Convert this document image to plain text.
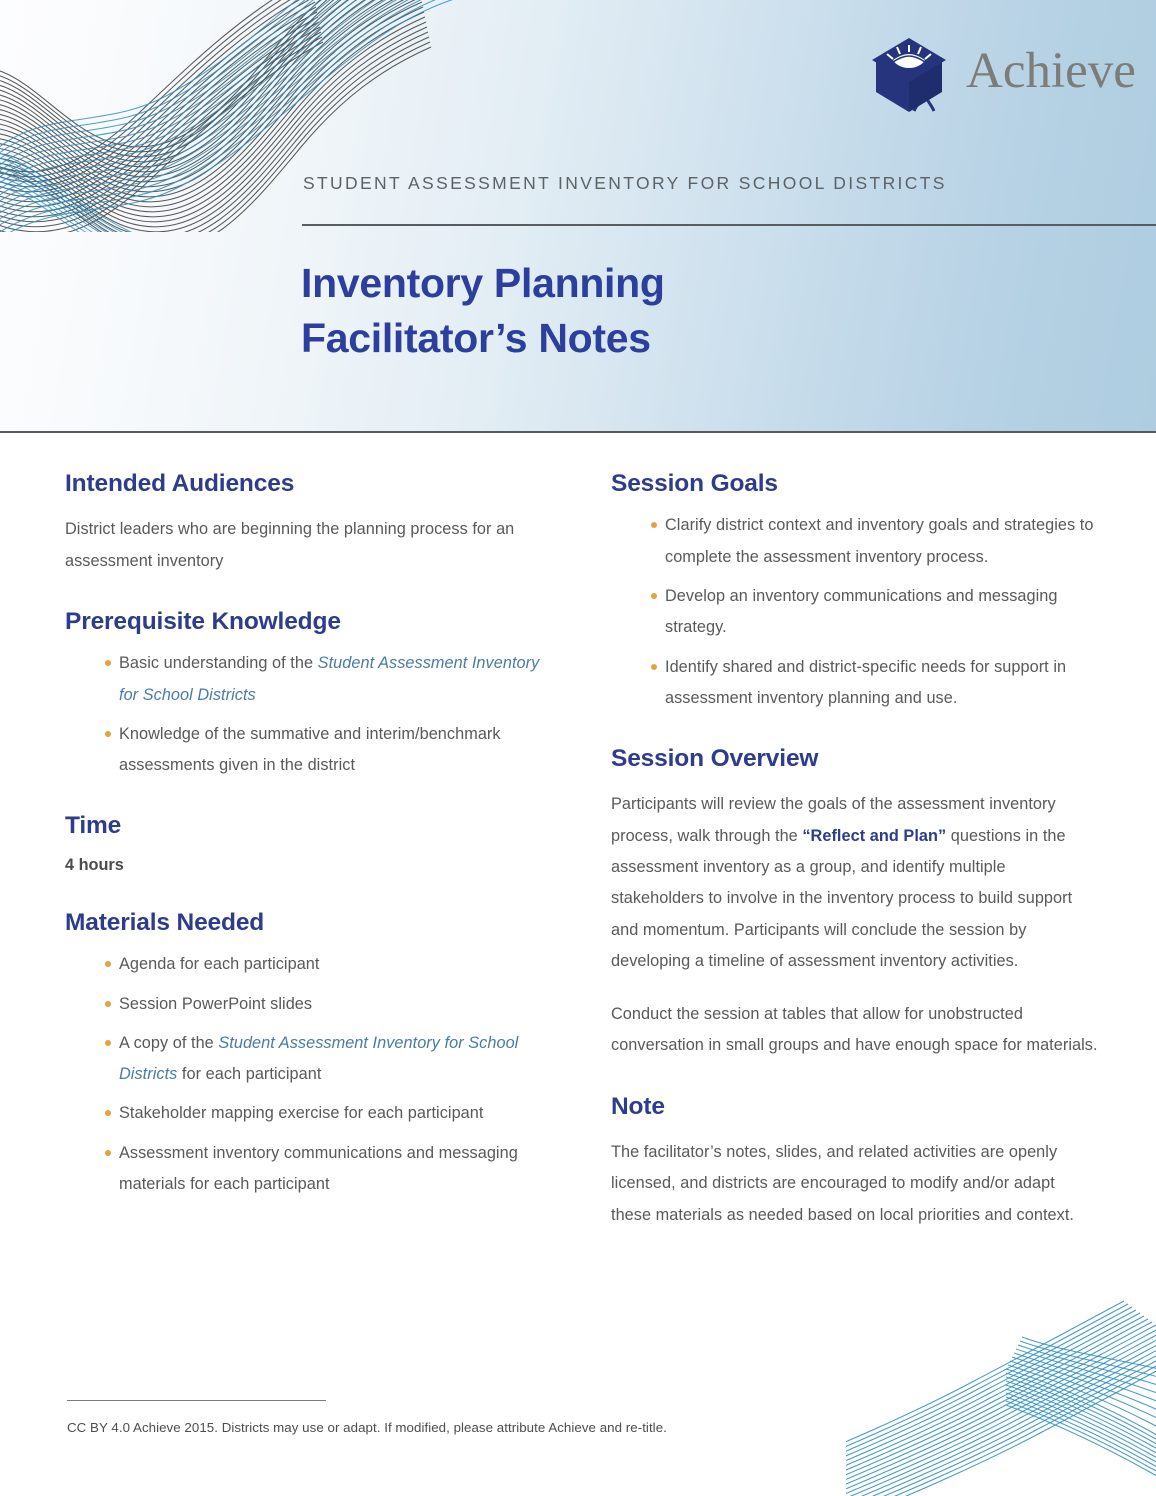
Achieve
STUDENT ASSESSMENT INVENTORY FOR SCHOOL DISTRICTS
Inventory Planning
Facilitator’s Notes
Intended Audiences

District leaders who are beginning the planning process for an assessment inventory

Prerequisite Knowledge
Basic understanding of the Student Assessment Inventory for School Districts
Knowledge of the summative and interim/benchmark assessments given in the district
Time

4 hours

Materials Needed
Agenda for each participant
Session PowerPoint slides
A copy of the Student Assessment Inventory for School Districts for each participant
Stakeholder mapping exercise for each participant
Assessment inventory communications and messaging materials for each participant
Session Goals
Clarify district context and inventory goals and strategies to complete the assessment inventory process.
Develop an inventory communications and messaging strategy.
Identify shared and district-specific needs for support in assessment inventory planning and use.
Session Overview

Participants will review the goals of the assessment inventory process, walk through the “Reflect and Plan” questions in the assessment inventory as a group, and identify multiple stakeholders to involve in the inventory process to build support and momentum. Participants will conclude the session by developing a timeline of assessment inventory activities.

Conduct the session at tables that allow for unobstructed conversation in small groups and have enough space for materials.

Note

The facilitator’s notes, slides, and related activities are openly licensed, and districts are encouraged to modify and/or adapt these materials as needed based on local priorities and context.

CC BY 4.0 Achieve 2015. Districts may use or adapt. If modified, please attribute Achieve and re-title.
